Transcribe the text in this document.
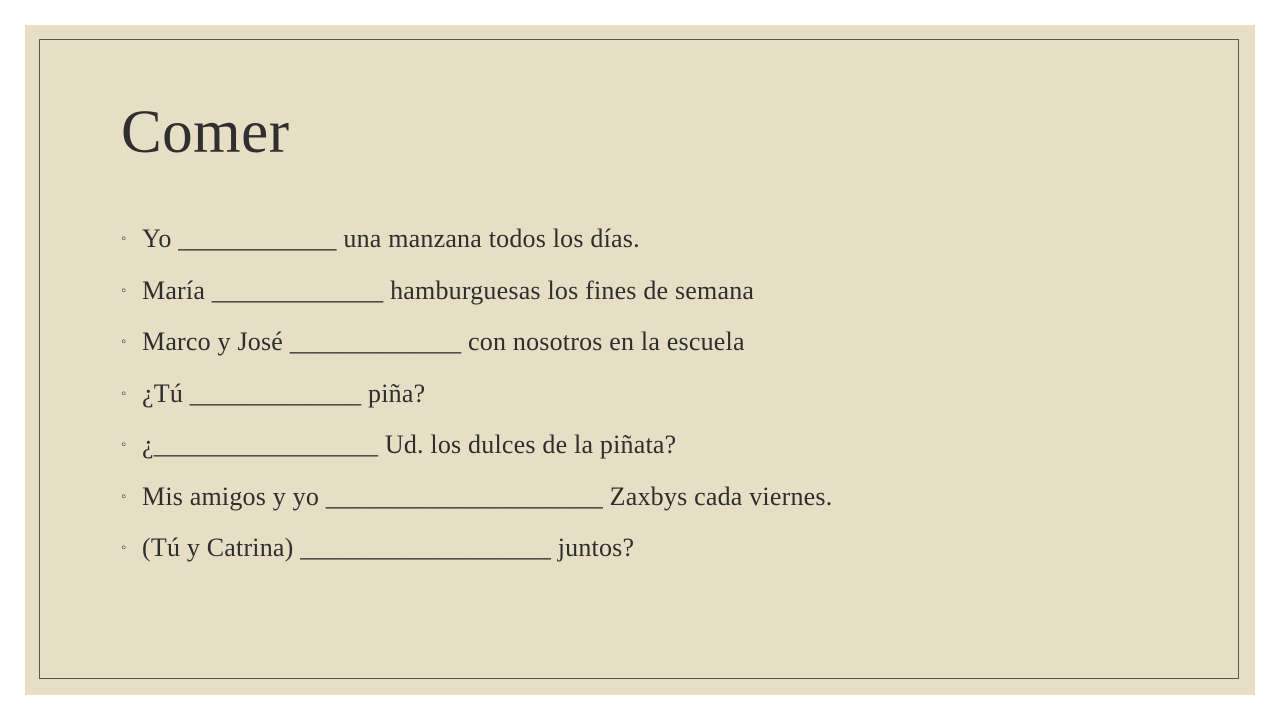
Comer
◦ Yo ____________ una manzana todos los días.
◦ María _____________ hamburguesas los fines de semana
◦ Marco y José _____________ con nosotros en la escuela
◦ ¿Tú _____________ piña?
◦ ¿_________________ Ud. los dulces de la piñata?
◦ Mis amigos y yo _____________________ Zaxbys cada viernes.
◦ (Tú y Catrina) ___________________ juntos?
